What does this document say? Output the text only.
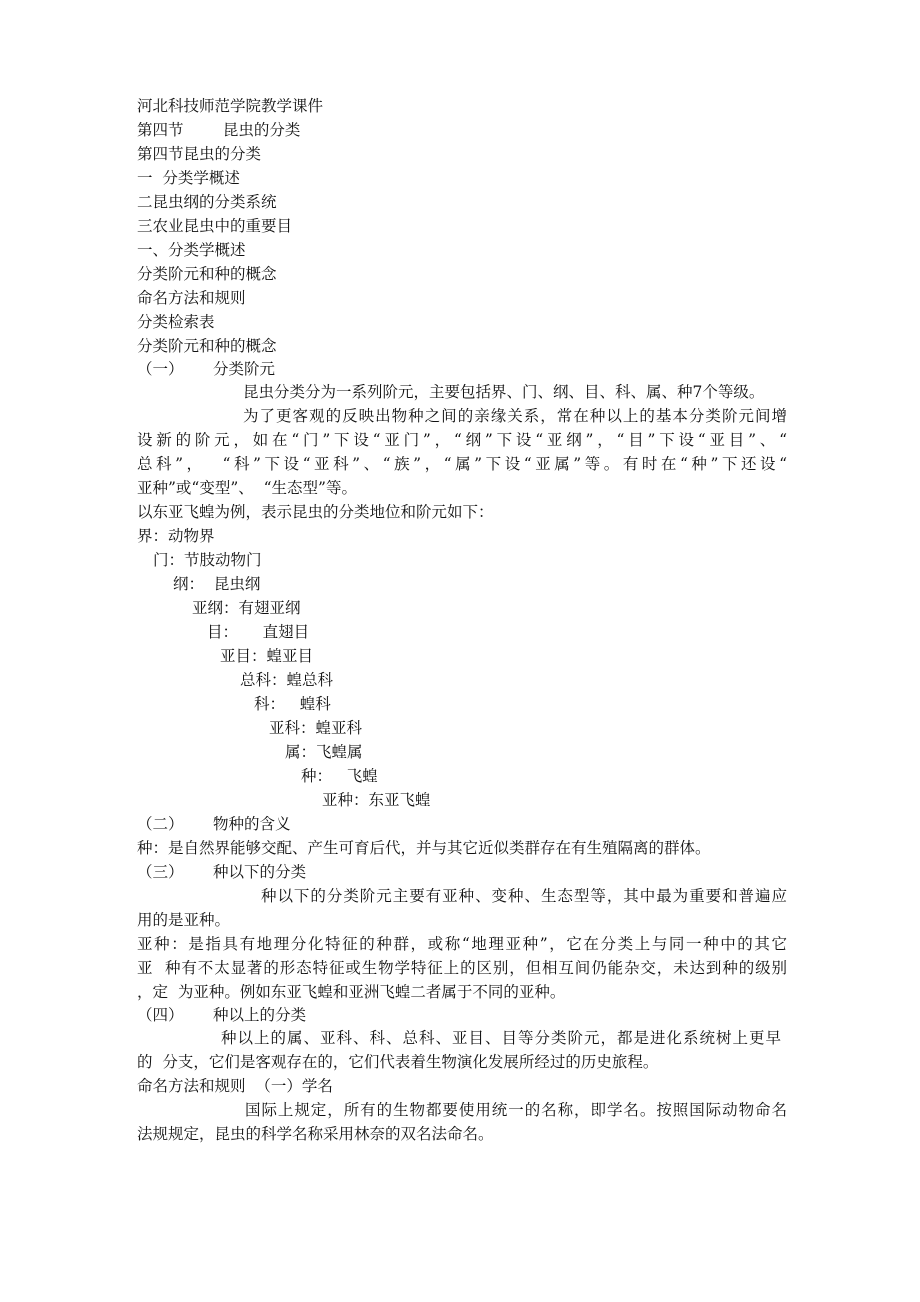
河北科技师范学院教学课件
第四节        昆虫的分类
第四节昆虫的分类
一  分类学概述
二昆虫纲的分类系统
三农业昆虫中的重要目
一、分类学概述
分类阶元和种的概念
命名方法和规则
分类检索表
分类阶元和种的概念
（一）      分类阶元
昆虫分类分为一系列阶元，主要包括界、门、纲、目、科、属、种7个等级。
为了更客观的反映出物种之间的亲缘关系，常在种以上的基本分类阶元间增
设新的阶元，如在“门”下设“亚门”，“纲”下设“亚纲”，“目”下设“亚目”、“
总科”，  “科”下设“亚科”、“族”，“属”下设“亚属”等。有时在“种”下还设“
亚种”或“变型”、  “生态型”等。
以东亚飞蝗为例，表示昆虫的分类地位和阶元如下：
界：动物界
门：节肢动物门
纲：  昆虫纲
亚纲：有翅亚纲
目：     直翅目
亚目：蝗亚目
总科：蝗总科
科：   蝗科
亚科：蝗亚科
属：飞蝗属
种：   飞蝗
亚种：东亚飞蝗
（二）      物种的含义
种：是自然界能够交配、产生可育后代，并与其它近似类群存在有生殖隔离的群体。
（三）      种以下的分类
种以下的分类阶元主要有亚种、变种、生态型等，其中最为重要和普遍应
用的是亚种。
亚种：是指具有地理分化特征的种群，或称“地理亚种”，它在分类上与同一种中的其它
亚  种有不太显著的形态特征或生物学特征上的区别，但相互间仍能杂交，未达到种的级别
，定  为亚种。例如东亚飞蝗和亚洲飞蝗二者属于不同的亚种。
（四）      种以上的分类
种以上的属、亚科、科、总科、亚目、目等分类阶元，都是进化系统树上更早
的  分支，它们是客观存在的，它们代表着生物演化发展所经过的历史旅程。
命名方法和规则  （一）学名
国际上规定，所有的生物都要使用统一的名称，即学名。按照国际动物命名
法规规定，昆虫的科学名称采用林奈的双名法命名。
